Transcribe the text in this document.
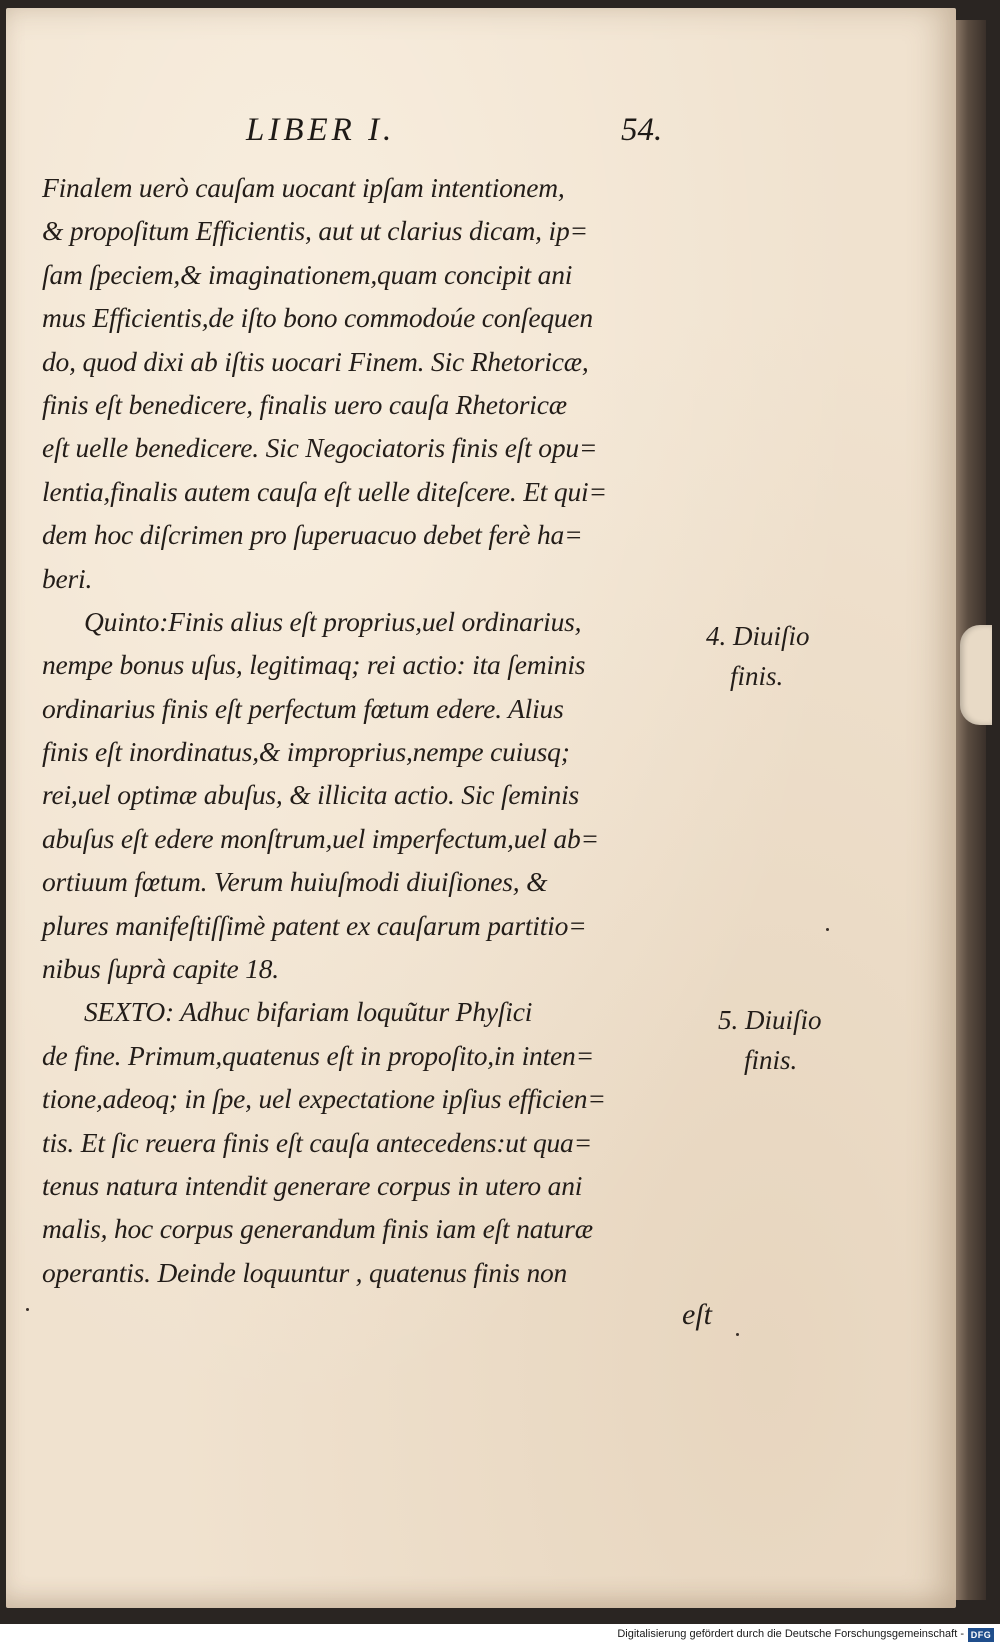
LIBER I.	54.
Finalem uerò cauſam uocant ipſam intentionem,
& propoſitum Efficientis, aut ut clarius dicam, ip=
ſam ſpeciem,& imaginationem,quam concipit ani
mus Efficientis,de iſto bono commodoúe conſequen
do, quod dixi ab iſtis uocari Finem. Sic Rhetoricæ,
finis eſt benedicere, finalis uero cauſa Rhetoricæ
eſt uelle benedicere. Sic Negociatoris finis eſt opu=
lentia,finalis autem cauſa eſt uelle diteſcere. Et qui=
dem hoc diſcrimen pro ſuperuacuo debet ferè ha=
beri.
Quinto:Finis alius eſt proprius,uel ordinarius,
nempe bonus uſus, legitimaq; rei actio: ita ſeminis
ordinarius finis eſt perfectum fœtum edere. Alius
finis eſt inordinatus,& improprius,nempe cuiusq;
rei,uel optimæ abuſus, & illicita actio. Sic ſeminis
abuſus eſt edere monſtrum,uel imperfectum,uel ab=
ortiuum fœtum. Verum huiuſmodi diuiſiones, &
plures manifeſtiſſimè patent ex cauſarum partitio=
nibus ſuprà capite 18.
SEXTO: Adhuc bifariam loquũtur Phyſici
de fine. Primum,quatenus eſt in propoſito,in inten=
tione,adeoq; in ſpe, uel expectatione ipſius efficien=
tis. Et ſic reuera finis eſt cauſa antecedens:ut qua=
tenus natura intendit generare corpus in utero ani
malis, hoc corpus generandum finis iam eſt naturæ
operantis. Deinde loquuntur , quatenus finis non
eſt
4. Diuiſio
finis.
5. Diuiſio
finis.
Digitalisierung gefördert durch die Deutsche Forschungsgemeinschaft - DFG
